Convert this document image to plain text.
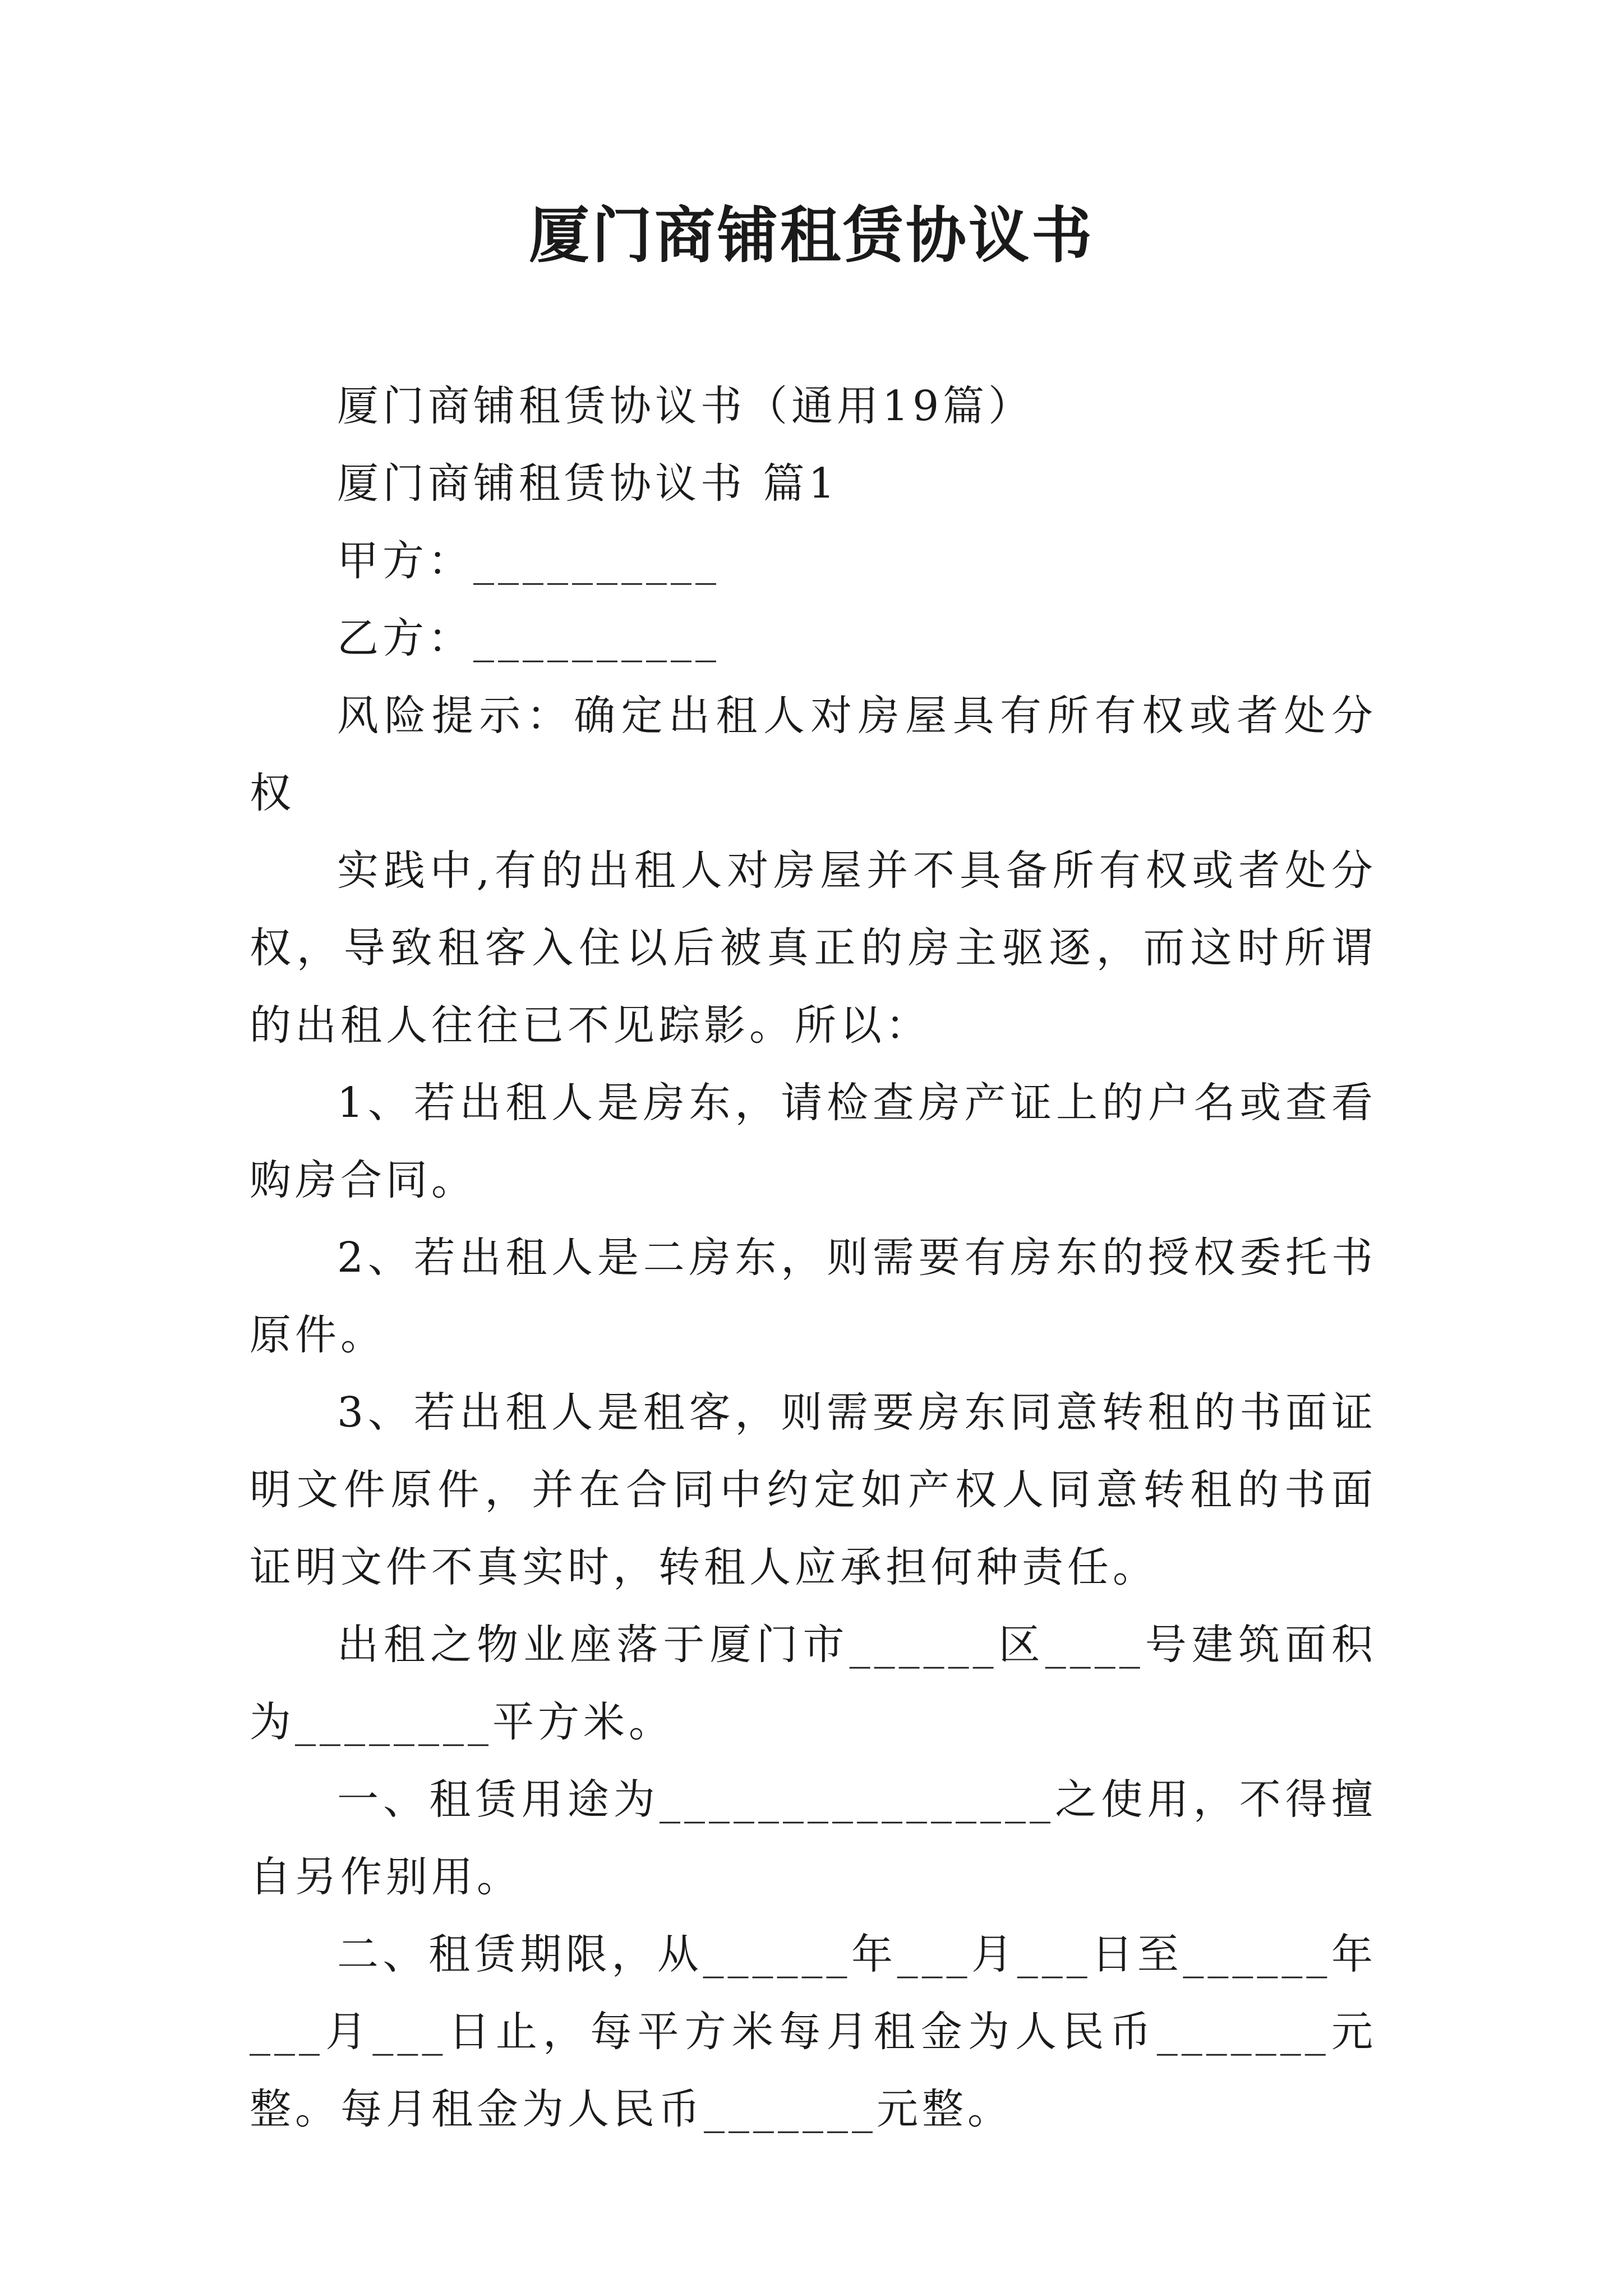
厦门商铺租赁协议书

厦门商铺租赁协议书（通用19篇）

厦门商铺租赁协议书 篇1

甲方：__________

乙方：__________

风险提示：确定出租人对房屋具有所有权或者处分权

实践中,有的出租人对房屋并不具备所有权或者处分权，导致租客入住以后被真正的房主驱逐，而这时所谓的出租人往往已不见踪影。所以：

1、若出租人是房东，请检查房产证上的户名或查看购房合同。

2、若出租人是二房东，则需要有房东的授权委托书原件。

3、若出租人是租客，则需要房东同意转租的书面证明文件原件，并在合同中约定如产权人同意转租的书面证明文件不真实时，转租人应承担何种责任。

出租之物业座落于厦门市______区____号建筑面积为________平方米。

一、租赁用途为________________之使用，不得擅自另作别用。

二、租赁期限，从______年___月___日至______年___月___日止，每平方米每月租金为人民币_______元整。每月租金为人民币_______元整。
